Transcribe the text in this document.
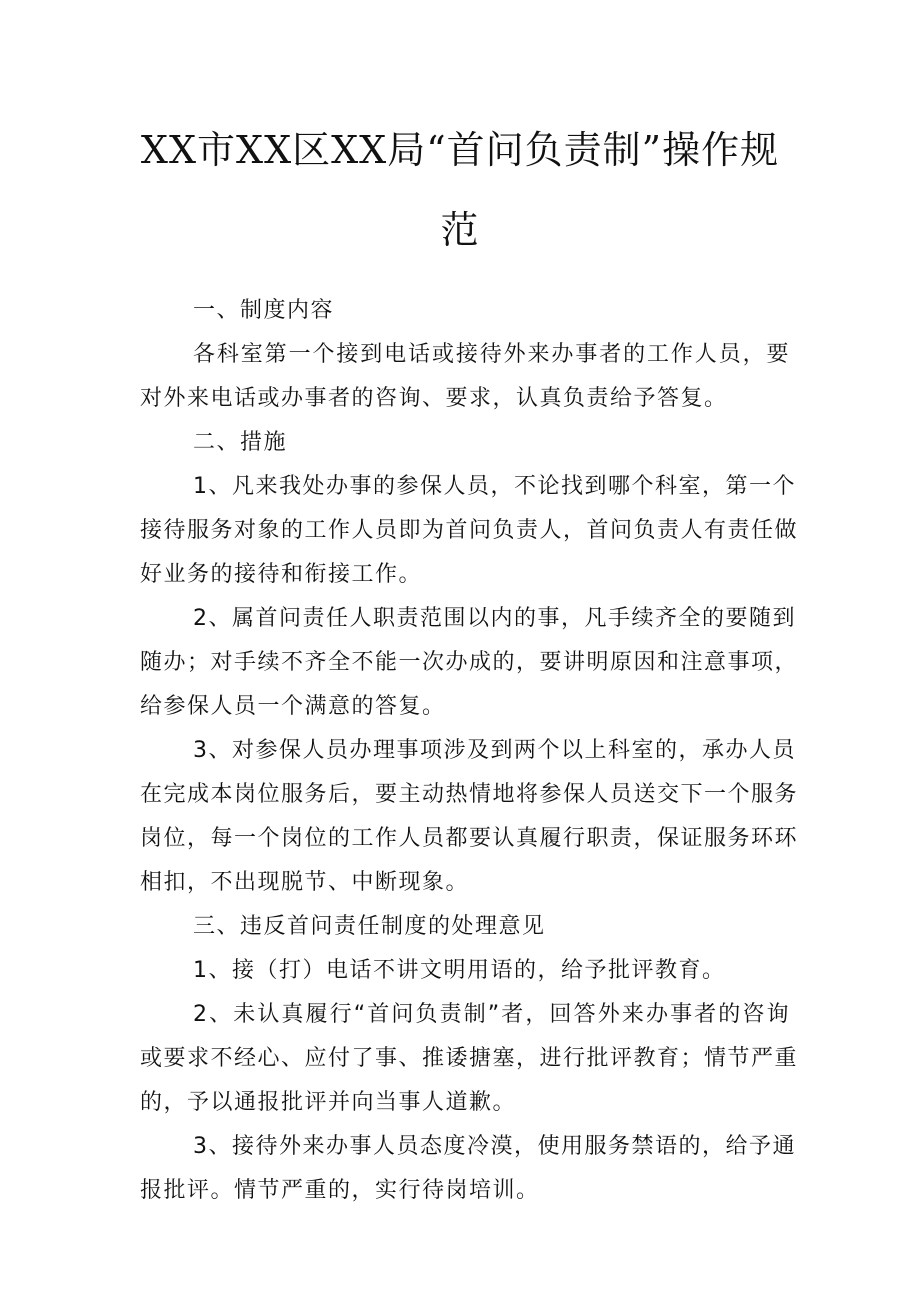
XX市XX区XX局“首问负责制”操作规
范

一、制度内容

各科室第一个接到电话或接待外来办事者的工作人员，要

对外来电话或办事者的咨询、要求，认真负责给予答复。

二、措施

1、凡来我处办事的参保人员，不论找到哪个科室，第一个

接待服务对象的工作人员即为首问负责人，首问负责人有责任做

好业务的接待和衔接工作。

2、属首问责任人职责范围以内的事，凡手续齐全的要随到

随办；对手续不齐全不能一次办成的，要讲明原因和注意事项，

给参保人员一个满意的答复。

3、对参保人员办理事项涉及到两个以上科室的，承办人员

在完成本岗位服务后，要主动热情地将参保人员送交下一个服务

岗位，每一个岗位的工作人员都要认真履行职责，保证服务环环

相扣，不出现脱节、中断现象。

三、违反首问责任制度的处理意见

1、接（打）电话不讲文明用语的，给予批评教育。

2、未认真履行“首问负责制”者，回答外来办事者的咨询

或要求不经心、应付了事、推诿搪塞，进行批评教育；情节严重

的，予以通报批评并向当事人道歉。

3、接待外来办事人员态度冷漠，使用服务禁语的，给予通

报批评。情节严重的，实行待岗培训。
